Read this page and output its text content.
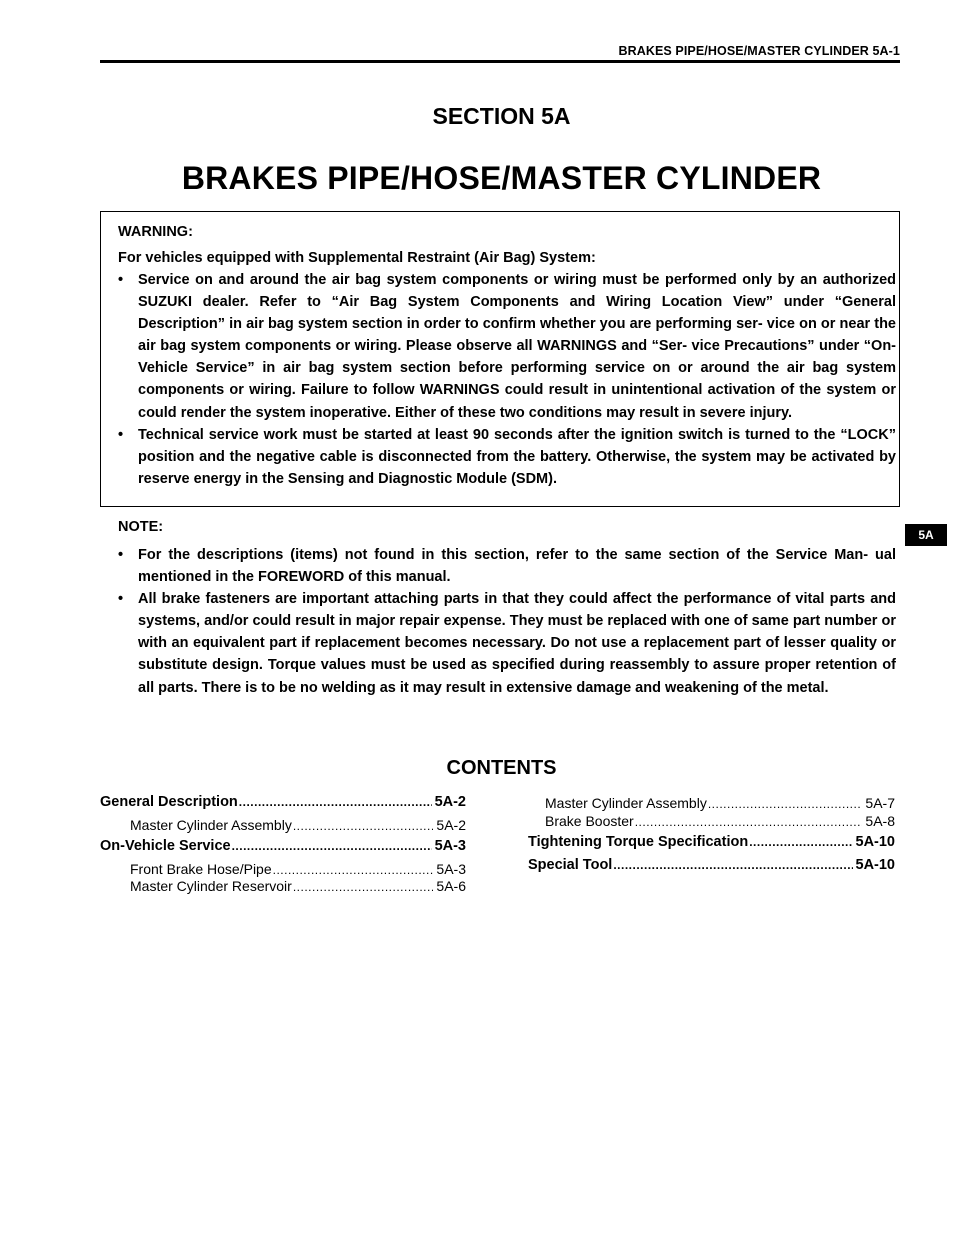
BRAKES PIPE/HOSE/MASTER CYLINDER 5A-1
SECTION 5A
BRAKES PIPE/HOSE/MASTER CYLINDER
WARNING:
For vehicles equipped with Supplemental Restraint (Air Bag) System:

• Service on and around the air bag system components or wiring must be performed only by an authorized SUZUKI dealer. Refer to “Air Bag System Components and Wiring Location View” under “General Description” in air bag system section in order to confirm whether you are performing ser- vice on or near the air bag system components or wiring. Please observe all WARNINGS and “Ser- vice Precautions” under “On-Vehicle Service” in air bag system section before performing service on or around the air bag system components or wiring. Failure to follow WARNINGS could result in unintentional activation of the system or could render the system inoperative. Either of these two conditions may result in severe injury.

• Technical service work must be started at least 90 seconds after the ignition switch is turned to the “LOCK” position and the negative cable is disconnected from the battery. Otherwise, the system may be activated by reserve energy in the Sensing and Diagnostic Module (SDM).

NOTE:

• For the descriptions (items) not found in this section, refer to the same section of the Service Man- ual mentioned in the FOREWORD of this manual.

• All brake fasteners are important attaching parts in that they could affect the performance of vital parts and systems, and/or could result in major repair expense. They must be replaced with one of same part number or with an equivalent part if replacement becomes necessary. Do not use a replacement part of lesser quality or substitute design. Torque values must be used as specified during reassembly to assure proper retention of all parts. There is to be no welding as it may result in extensive damage and weakening of the metal.

5A
CONTENTS
General Description .....	5A-2
Master Cylinder Assembly .....	5A-2
On-Vehicle Service .....	5A-3
Front Brake Hose/Pipe .....	5A-3
Master Cylinder Reservoir .....	5A-6
Master Cylinder Assembly .....	5A-7
Brake Booster .....	5A-8
Tightening Torque Specification .....	5A-10
Special Tool .....	5A-10
